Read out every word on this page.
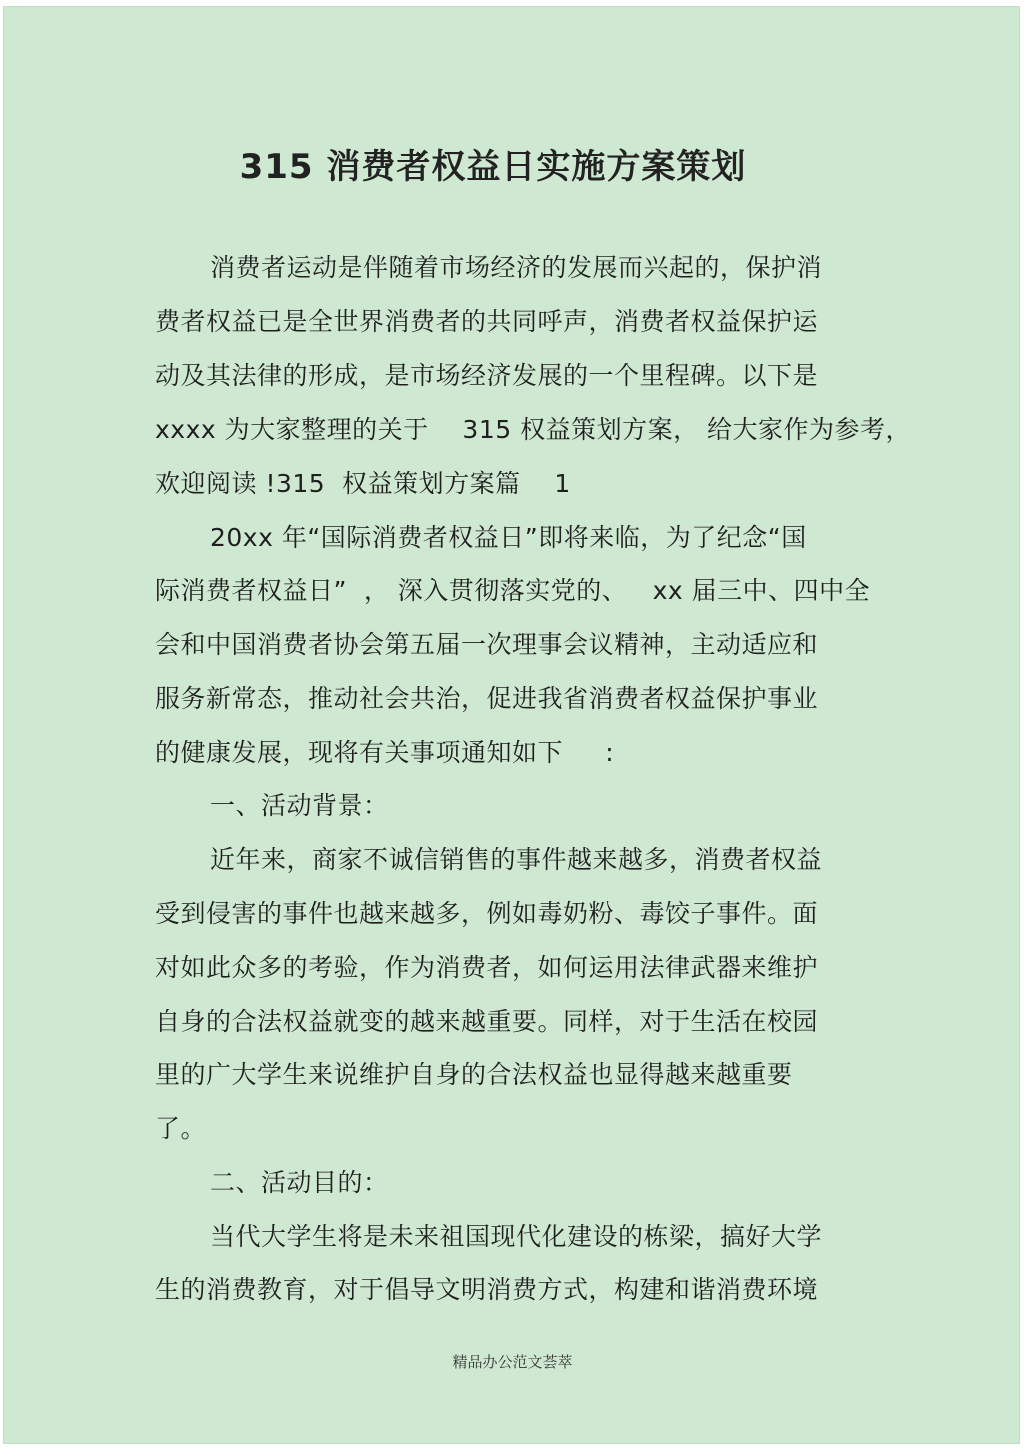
315 消费者权益日实施方案策划

消费者运动是伴随着市场经济的发展而兴起的，保护消

费者权益已是全世界消费者的共同呼声，消费者权益保护运

动及其法律的形成，是市场经济发展的一个里程碑。以下是

xxxx 为大家整理的关于    315 权益策划方案， 给大家作为参考，

欢迎阅读 !315  权益策划方案篇    1

20xx 年“国际消费者权益日”即将来临，为了纪念“国

际消费者权益日”  ， 深入贯彻落实党的、   xx 届三中、四中全

会和中国消费者协会第五届一次理事会议精神，主动适应和

服务新常态，推动社会共治，促进我省消费者权益保护事业

的健康发展，现将有关事项通知如下     :

一、活动背景：

近年来，商家不诚信销售的事件越来越多，消费者权益

受到侵害的事件也越来越多，例如毒奶粉、毒饺子事件。面

对如此众多的考验，作为消费者，如何运用法律武器来维护

自身的合法权益就变的越来越重要。同样，对于生活在校园

里的广大学生来说维护自身的合法权益也显得越来越重要

了。

二、活动目的：

当代大学生将是未来祖国现代化建设的栋梁，搞好大学

生的消费教育，对于倡导文明消费方式，构建和谐消费环境

精品办公范文荟萃
